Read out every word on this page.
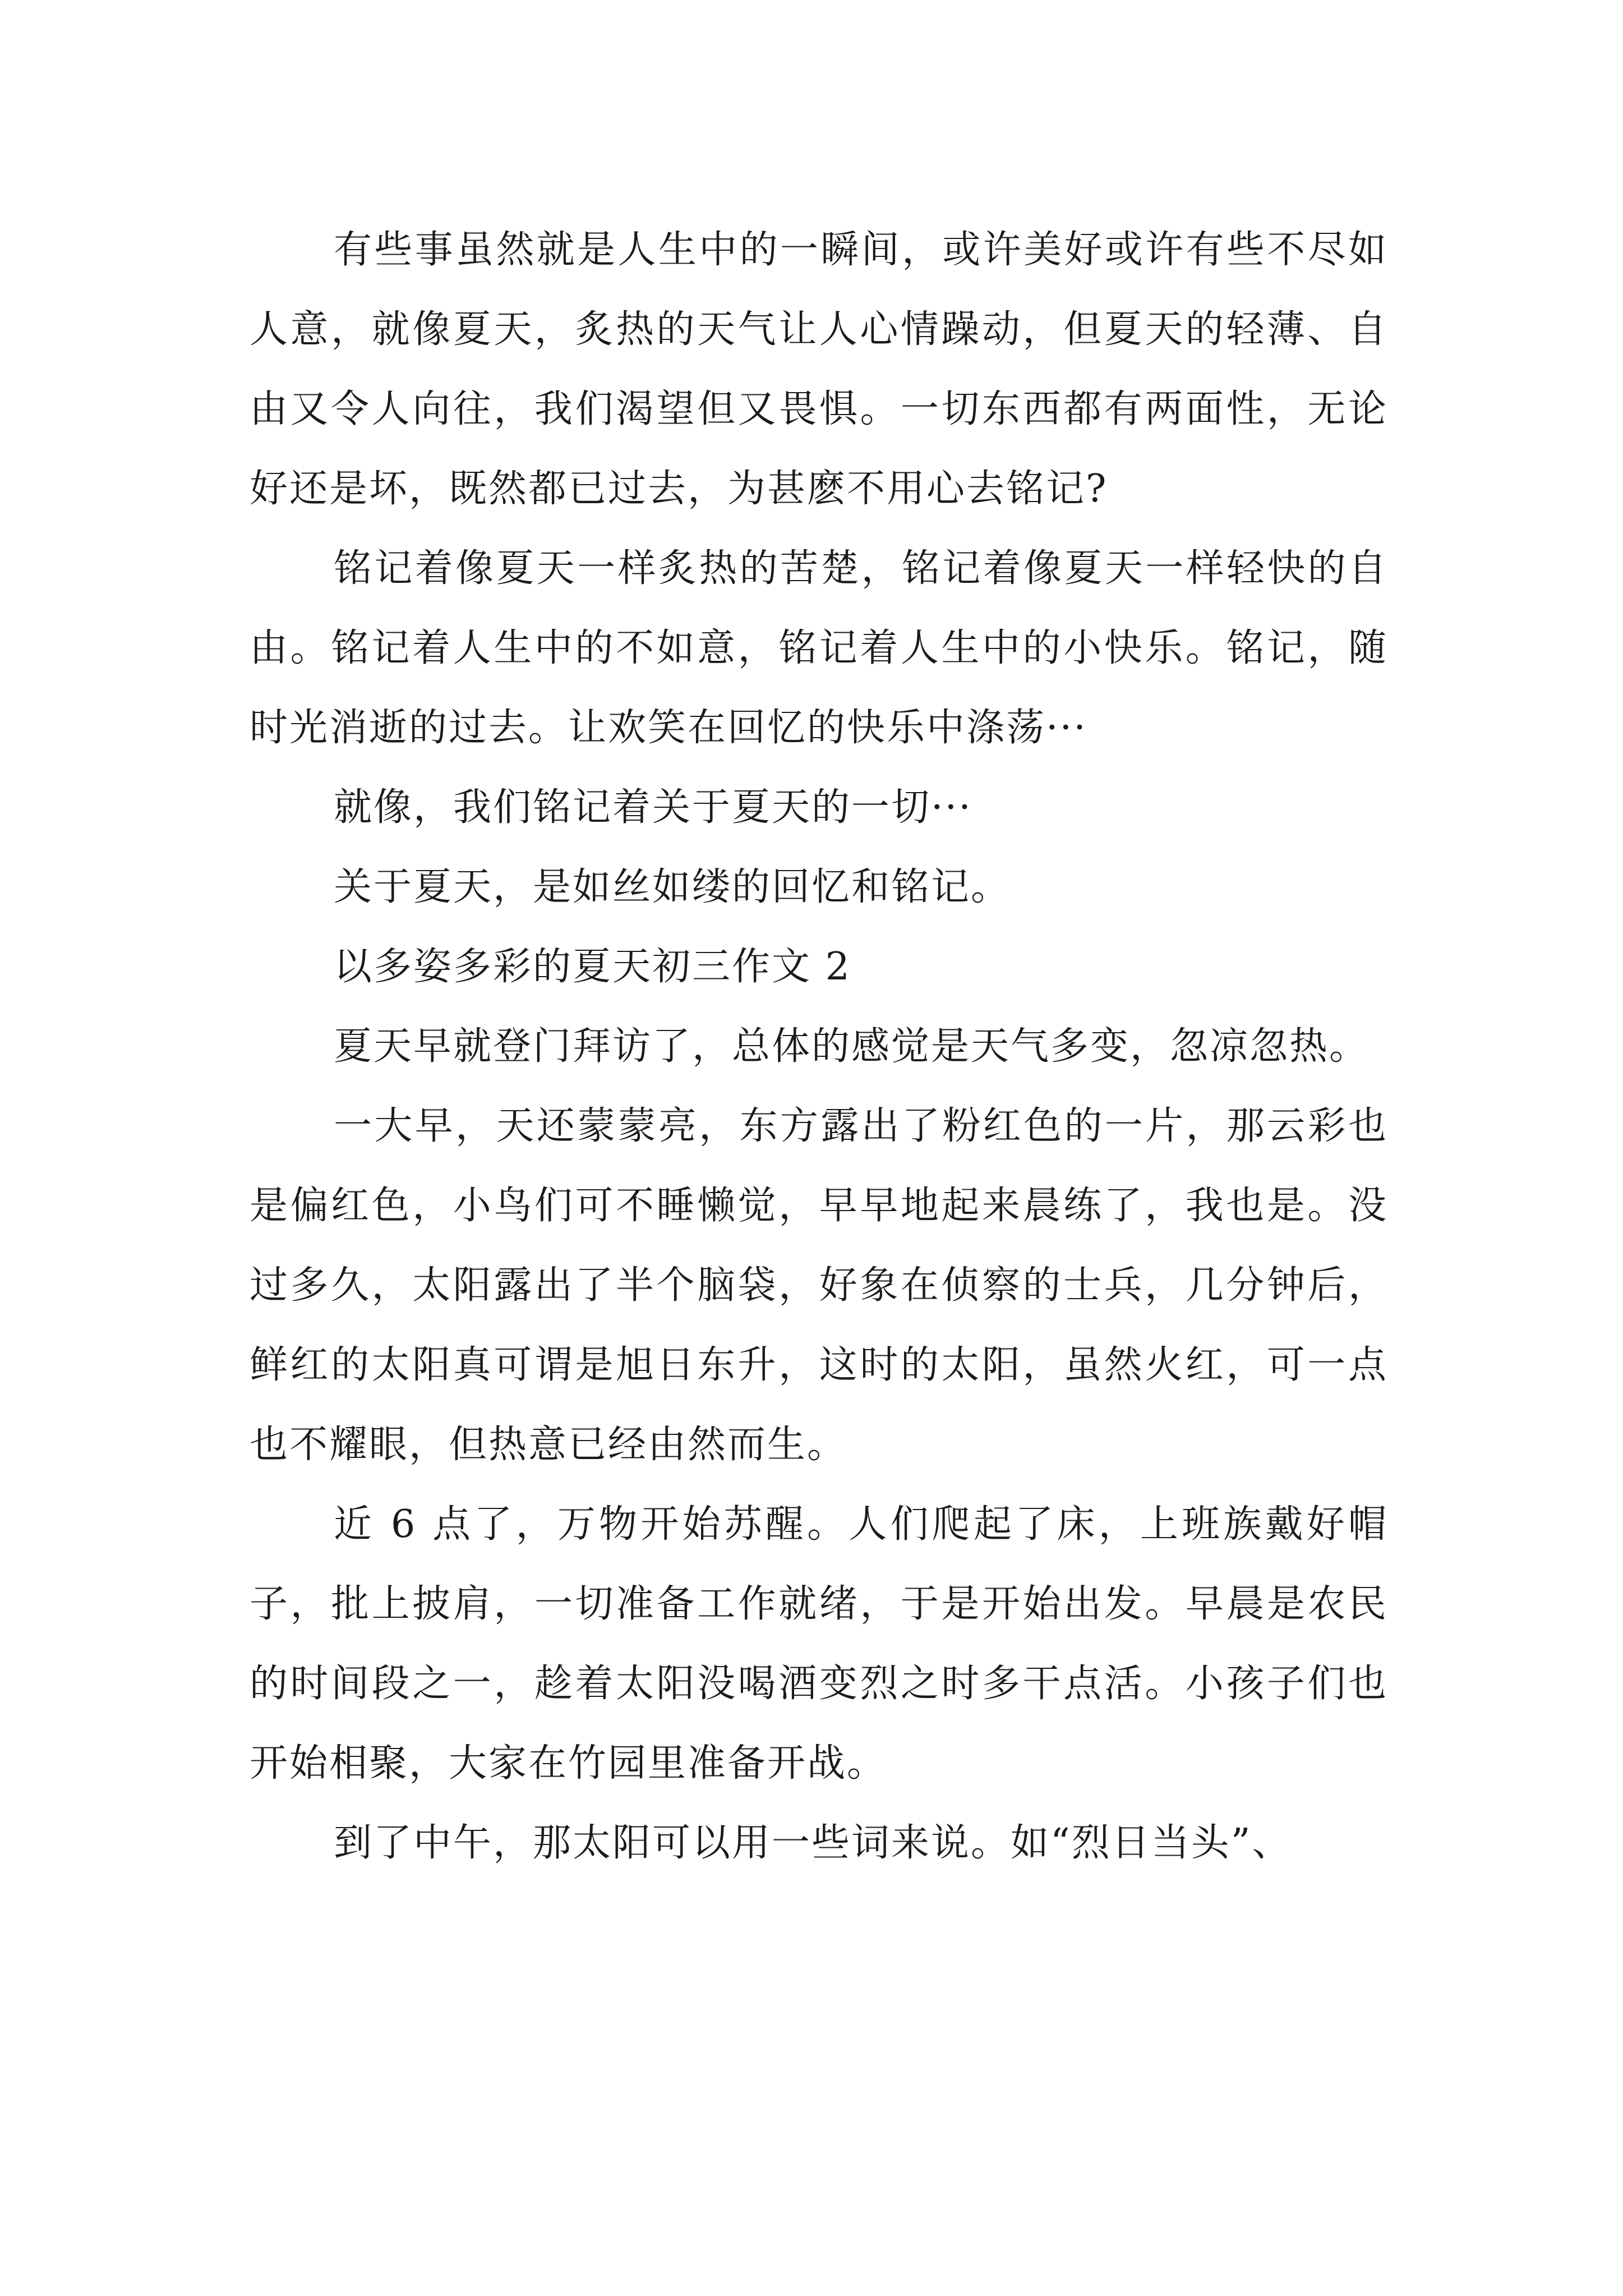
有些事虽然就是人生中的一瞬间，或许美好或许有些不尽如人意，就像夏天，炙热的天气让人心情躁动，但夏天的轻薄、自由又令人向往，我们渴望但又畏惧。一切东西都有两面性，无论好还是坏，既然都已过去，为甚麽不用心去铭记?

铭记着像夏天一样炙热的苦楚，铭记着像夏天一样轻快的自由。铭记着人生中的不如意，铭记着人生中的小快乐。铭记，随时光消逝的过去。让欢笑在回忆的快乐中涤荡···

就像，我们铭记着关于夏天的一切···

关于夏天，是如丝如缕的回忆和铭记。

以多姿多彩的夏天初三作文 2

夏天早就登门拜访了，总体的感觉是天气多变，忽凉忽热。

一大早，天还蒙蒙亮，东方露出了粉红色的一片，那云彩也是偏红色，小鸟们可不睡懒觉，早早地起来晨练了，我也是。没过多久，太阳露出了半个脑袋，好象在侦察的士兵，几分钟后，鲜红的太阳真可谓是旭日东升，这时的太阳，虽然火红，可一点也不耀眼，但热意已经由然而生。

近 6 点了，万物开始苏醒。人们爬起了床，上班族戴好帽子，批上披肩，一切准备工作就绪，于是开始出发。早晨是农民的时间段之一，趁着太阳没喝酒变烈之时多干点活。小孩子们也开始相聚，大家在竹园里准备开战。

到了中午，那太阳可以用一些词来说。如“烈日当头”、
